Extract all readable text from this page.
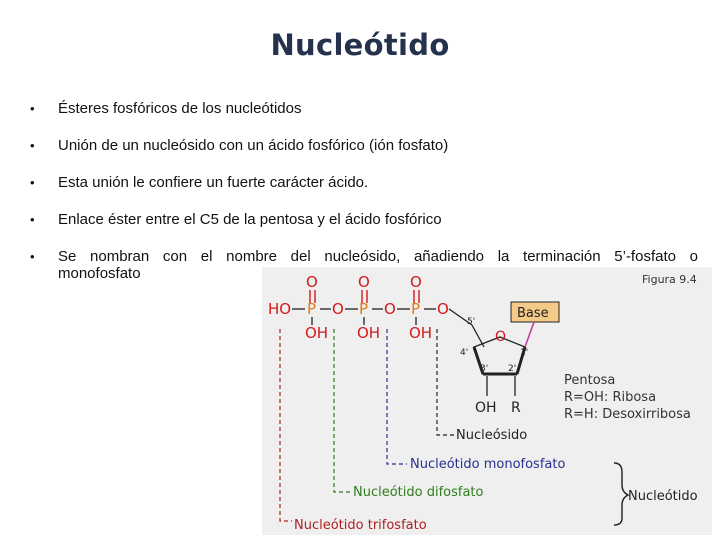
Nucleótido
• Ésteres fosfóricos de los nucleótidos
• Unión de un nucleósido con un ácido fosfórico (ión fosfato)
• Esta unión le confiere un fuerte carácter ácido.
• Enlace éster entre el C5 de la pentosa y el ácido fosfórico
• Se nombran con el nombre del nucleósido, añadiendo la terminación 5’-fosfato o
monofosfato	Figura 9.4
O	O	O
HO P O P O P O
OH OH OH
5'
Base
O
4'	1'
3' 2'
OH R
Pentosa
R=OH: Ribosa
R=H: Desoxirribosa
Nucleósido
Nucleótido monofosfato
Nucleótido difosfato
Nucleótido trifosfato
Nucleótido
